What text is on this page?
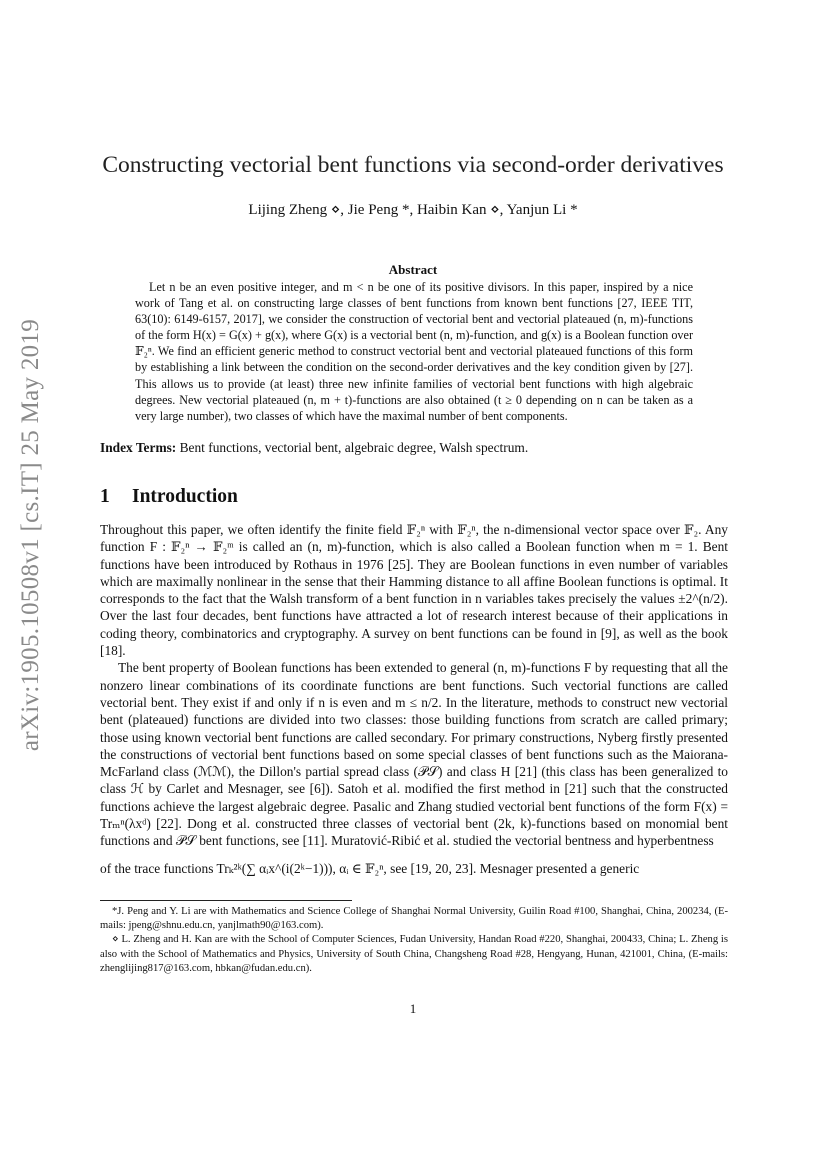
arXiv:1905.10508v1 [cs.IT] 25 May 2019
Constructing vectorial bent functions via second-order derivatives
Lijing Zheng ⋄, Jie Peng *, Haibin Kan ⋄, Yanjun Li *
Abstract

Let n be an even positive integer, and m < n be one of its positive divisors. In this paper, inspired by a nice work of Tang et al. on constructing large classes of bent functions from known bent functions [27, IEEE TIT, 63(10): 6149-6157, 2017], we consider the construction of vectorial bent and vectorial plateaued (n, m)-functions of the form H(x) = G(x) + g(x), where G(x) is a vectorial bent (n, m)-function, and g(x) is a Boolean function over 𝔽₂ⁿ. We find an efficient generic method to construct vectorial bent and vectorial plateaued functions of this form by establishing a link between the condition on the second-order derivatives and the key condition given by [27]. This allows us to provide (at least) three new infinite families of vectorial bent functions with high algebraic degrees. New vectorial plateaued (n, m + t)-functions are also obtained (t ≥ 0 depending on n can be taken as a very large number), two classes of which have the maximal number of bent components.

Index Terms: Bent functions, vectorial bent, algebraic degree, Walsh spectrum.

1 Introduction

Throughout this paper, we often identify the finite field 𝔽₂ⁿ with 𝔽₂ⁿ, the n-dimensional vector space over 𝔽₂. Any function F : 𝔽₂ⁿ → 𝔽₂ᵐ is called an (n, m)-function, which is also called a Boolean function when m = 1. Bent functions have been introduced by Rothaus in 1976 [25]. They are Boolean functions in even number of variables which are maximally nonlinear in the sense that their Hamming distance to all affine Boolean functions is optimal. It corresponds to the fact that the Walsh transform of a bent function in n variables takes precisely the values ±2^(n/2). Over the last four decades, bent functions have attracted a lot of research interest because of their applications in coding theory, combinatorics and cryptography. A survey on bent functions can be found in [9], as well as the book [18].

The bent property of Boolean functions has been extended to general (n, m)-functions F by requesting that all the nonzero linear combinations of its coordinate functions are bent functions. Such vectorial functions are called vectorial bent. They exist if and only if n is even and m ≤ n/2. In the literature, methods to construct new vectorial bent (plateaued) functions are divided into two classes: those building functions from scratch are called primary; those using known vectorial bent functions are called secondary. For primary constructions, Nyberg firstly presented the constructions of vectorial bent functions based on some special classes of bent functions such as the Maiorana-McFarland class (ℳℳ), the Dillon's partial spread class (𝒫𝒮) and class H [21] (this class has been generalized to class ℋ by Carlet and Mesnager, see [6]). Satoh et al. modified the first method in [21] such that the constructed functions achieve the largest algebraic degree. Pasalic and Zhang studied vectorial bent functions of the form F(x) = Trₘⁿ(λxᵈ) [22]. Dong et al. constructed three classes of vectorial bent (2k, k)-functions based on monomial bent functions and 𝒫𝒮 bent functions, see [11]. Muratović-Ribić et al. studied the vectorial bentness and hyperbentness

of the trace functions Trₖ²ᵏ(∑ αᵢx^(i(2ᵏ−1))), αᵢ ∈ 𝔽₂ⁿ, see [19, 20, 23]. Mesnager presented a generic

*J. Peng and Y. Li are with Mathematics and Science College of Shanghai Normal University, Guilin Road #100, Shanghai, China, 200234, (E-mails: jpeng@shnu.edu.cn, yanjlmath90@163.com).

⋄ L. Zheng and H. Kan are with the School of Computer Sciences, Fudan University, Handan Road #220, Shanghai, 200433, China; L. Zheng is also with the School of Mathematics and Physics, University of South China, Changsheng Road #28, Hengyang, Hunan, 421001, China, (E-mails: zhenglijing817@163.com, hbkan@fudan.edu.cn).

1
